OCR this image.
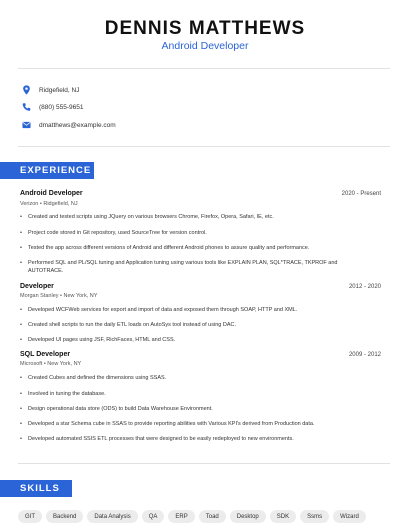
DENNIS MATTHEWS
Android Developer
Ridgefield, NJ
(880) 555-9651
dmatthews@example.com
EXPERIENCE
Android Developer	2020 - Present
Verizon • Ridgefield, NJ
•	Created and tested scripts using JQuery on various browsers Chrome, Firefox, Opera, Safari, IE, etc.
•	Project code stored in Git repository, used SourceTree for version control.
•	Tested the app across different versions of Android and different Android phones to assure quality and performance.
•	Performed SQL and PL/SQL tuning and Application tuning using various tools like EXPLAIN PLAN, SQL*TRACE, TKPROF and AUTOTRACE.
Developer	2012 - 2020
Morgan Stanley • New York, NY
•	Developed WCFWeb services for export and import of data and exposed them through SOAP, HTTP and XML.
•	Created shell scripts to run the daily ETL loads on AutoSys tool instead of using DAC.
•	Developed UI pages using JSF, RichFaces, HTML and CSS.
SQL Developer	2009 - 2012
Microsoft • New York, NY
•	Created Cubes and defined the dimensions using SSAS.
•	Involved in tuning the database.
•	Design operational data store (ODS) to build Data Warehouse Environment.
•	Developed a star Schema cube in SSAS to provide reporting abilities with Various KPI's derived from Production data.
•	Developed automated SSIS ETL processes that were designed to be easily redeployed to new environments.
SKILLS
GIT	Backend	Data Analysis	QA	ERP	Toad	Desktop	SDK	Ssms	Wizard
